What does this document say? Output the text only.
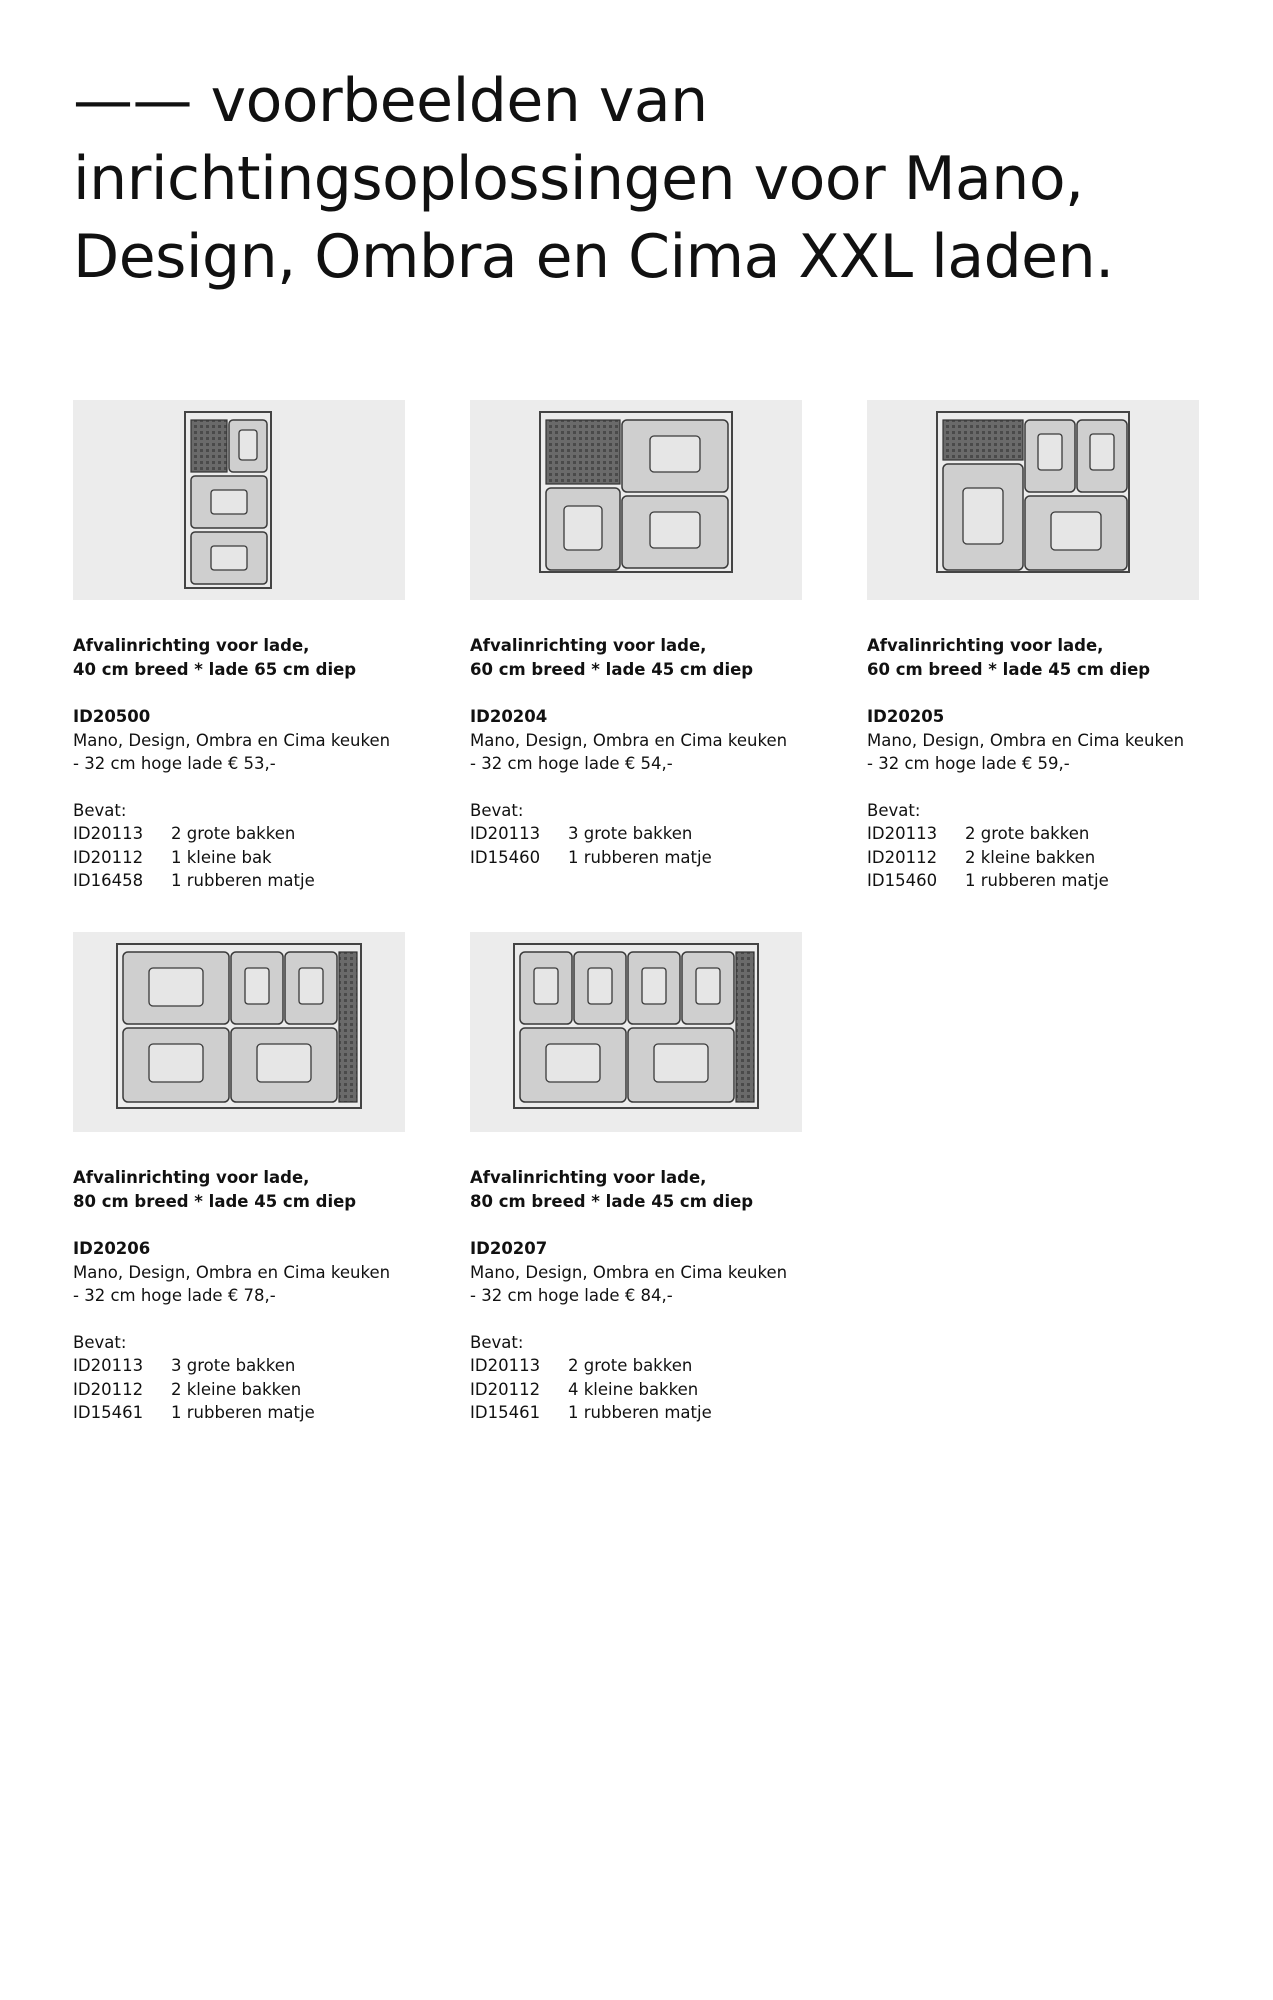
—— voorbeelden van inrichtingsoplossingen voor Mano, Design, Ombra en Cima XXL laden.
Afvalinrichting voor lade,
40 cm breed * lade 65 cm diep
ID20500
Mano, Design, Ombra en Cima keuken
- 32 cm hoge lade € 53,-
Bevat:
ID20113	2 grote bakken
ID20112	1 kleine bak
ID16458	1 rubberen matje
Afvalinrichting voor lade,
60 cm breed * lade 45 cm diep
ID20204
Mano, Design, Ombra en Cima keuken
- 32 cm hoge lade € 54,-
Bevat:
ID20113	3 grote bakken
ID15460	1 rubberen matje
Afvalinrichting voor lade,
60 cm breed * lade 45 cm diep
ID20205
Mano, Design, Ombra en Cima keuken
- 32 cm hoge lade € 59,-
Bevat:
ID20113	2 grote bakken
ID20112	2 kleine bakken
ID15460	1 rubberen matje
Afvalinrichting voor lade,
80 cm breed * lade 45 cm diep
ID20206
Mano, Design, Ombra en Cima keuken
- 32 cm hoge lade € 78,-
Bevat:
ID20113	3 grote bakken
ID20112	2 kleine bakken
ID15461	1 rubberen matje
Afvalinrichting voor lade,
80 cm breed * lade 45 cm diep
ID20207
Mano, Design, Ombra en Cima keuken
- 32 cm hoge lade € 84,-
Bevat:
ID20113	2 grote bakken
ID20112	4 kleine bakken
ID15461	1 rubberen matje
